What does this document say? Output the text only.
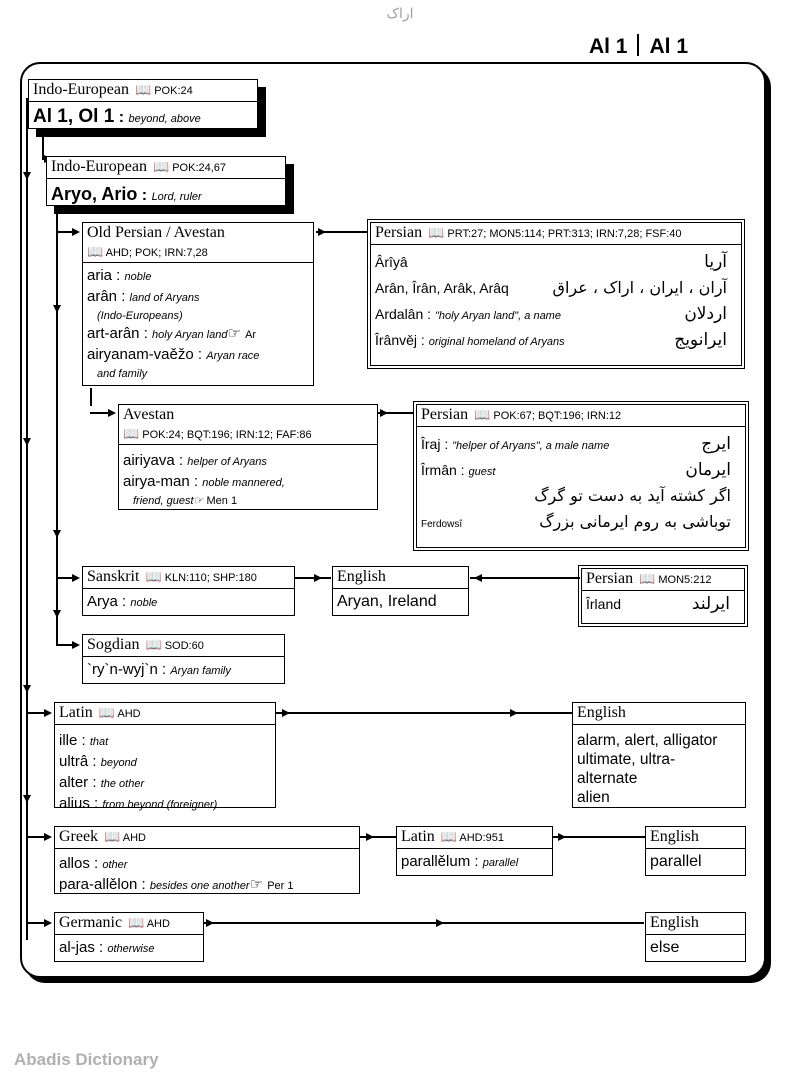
اراک
Al 1 Al 1
Indo-European 📖 POK:24
Al 1, Ol 1 : beyond, above
Indo-European 📖 POK:24,67
Aryo, Ario : Lord, ruler
Old Persian / Avestan
📖 AHD; POK; IRN:7,28
aria : noble
arân : land of Aryans
(Indo-Europeans)
art-arân : holy Aryan land☞ Ar
airyanam-vaěžo : Aryan race
and family
Persian 📖 PRT:27; MON5:114; PRT:313; IRN:7,28; FSF:40
Ârîyâ	آریا
Arân, Îrân, Arâk, Arâq	آران ، ایران ، اراک ، عراق
Ardalân : "holy Aryan land", a name	اردلان
Îrânvěj : original homeland of Aryans	ایرانویج
Avestan
📖 POK:24; BQT:196; IRN:12; FAF:86
airiyava : helper of Aryans
airya-man : noble mannered,
friend, guest☞ Men 1
Persian 📖 POK:67; BQT:196; IRN:12
Îraj : "helper of Aryans", a male name	ایرج
Îrmân : guest	ایرمان
اگر کشته آید به دست تو گرگ
Ferdowsî	توباشی به روم ایرمانی بزرگ
Sanskrit 📖 KLN:110; SHP:180
Arya : noble
English
Aryan, Ireland
Persian 📖 MON5:212
Îrland	ایرلند
Sogdian 📖 SOD:60
`ry`n-wyj`n : Aryan family
Latin 📖 AHD
ille : that
ultrâ : beyond
alter : the other
alius : from beyond (foreigner)
English
alarm, alert, alligator
ultimate, ultra-
alternate
alien
Greek 📖 AHD
allos : other
para-allělon : besides one another☞ Per 1
Latin 📖 AHD:951
parallělum : parallel
English
parallel
Germanic 📖 AHD
al-jas : otherwise
English
else
Abadis Dictionary
